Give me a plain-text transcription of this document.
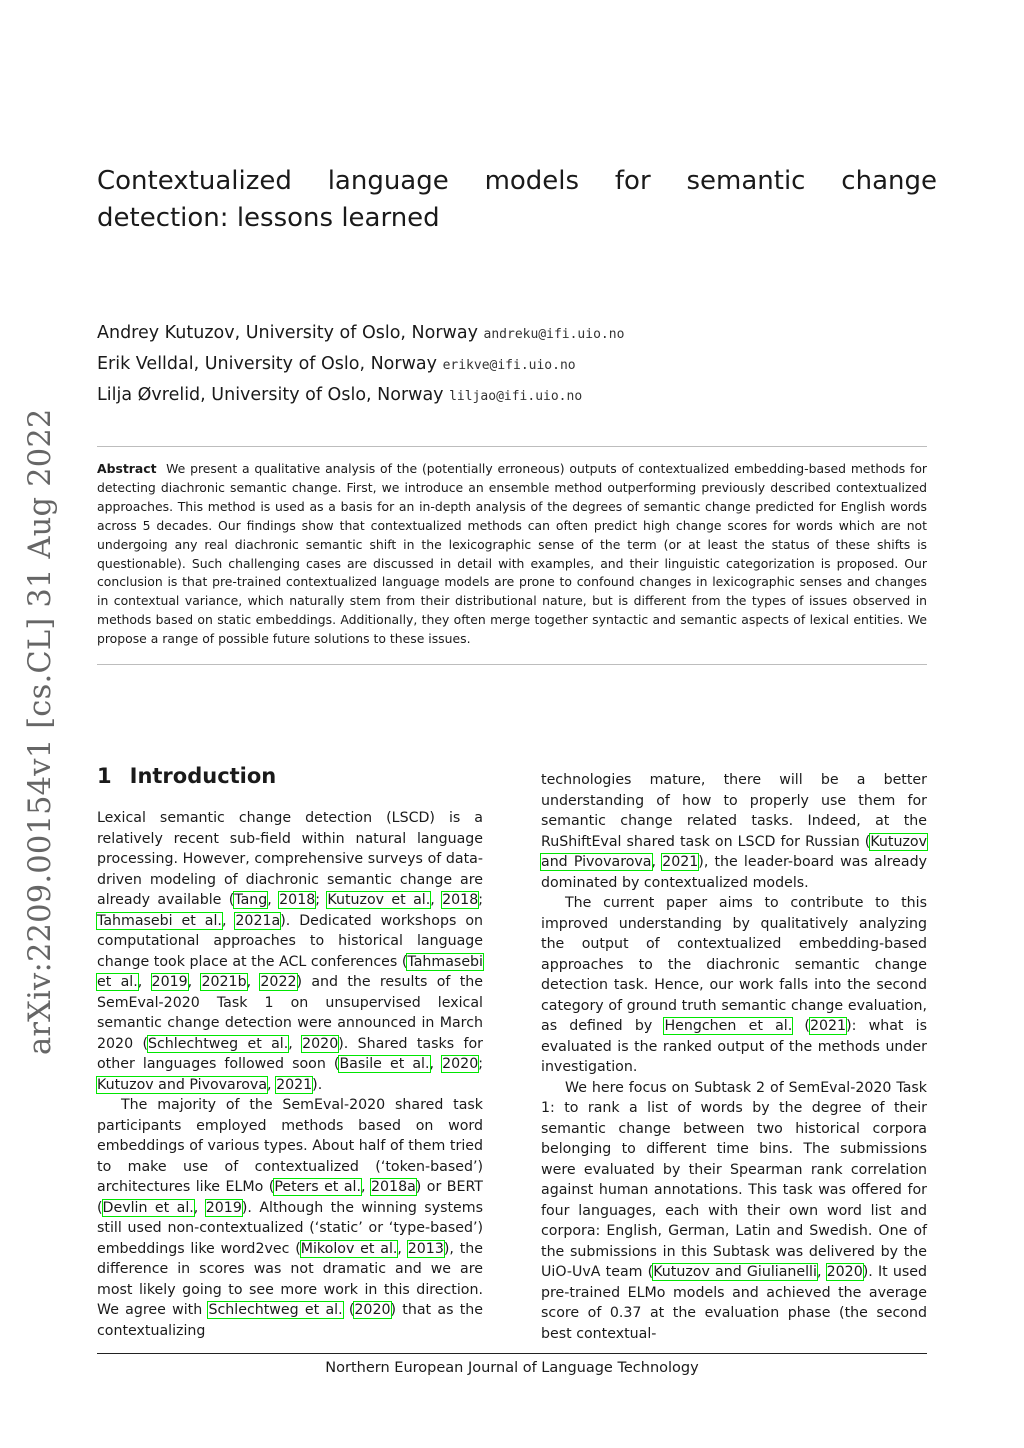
arXiv:2209.00154v1 [cs.CL] 31 Aug 2022
Contextualized language models for semantic change detection: lessons learned
Andrey Kutuzov, University of Oslo, Norway andreku@ifi.uio.no
Erik Velldal, University of Oslo, Norway erikve@ifi.uio.no
Lilja Øvrelid, University of Oslo, Norway liljao@ifi.uio.no

Abstract We present a qualitative analysis of the (potentially erroneous) outputs of contextualized embedding-based methods for detecting diachronic semantic change. First, we introduce an ensemble method outperforming previously described contextualized approaches. This method is used as a basis for an in-depth analysis of the degrees of semantic change predicted for English words across 5 decades. Our findings show that contextualized methods can often predict high change scores for words which are not undergoing any real diachronic semantic shift in the lexicographic sense of the term (or at least the status of these shifts is questionable). Such challenging cases are discussed in detail with examples, and their linguistic categorization is proposed. Our conclusion is that pre-trained contextualized language models are prone to confound changes in lexicographic senses and changes in contextual variance, which naturally stem from their distributional nature, but is different from the types of issues observed in methods based on static embeddings. Additionally, they often merge together syntactic and semantic aspects of lexical entities. We propose a range of possible future solutions to these issues.

1 Introduction

Lexical semantic change detection (LSCD) is a relatively recent sub-field within natural language processing. However, comprehensive surveys of data-driven modeling of diachronic semantic change are already available (Tang, 2018; Kutuzov et al., 2018; Tahmasebi et al., 2021a). Dedicated workshops on computational approaches to historical language change took place at the ACL conferences (Tahmasebi et al., 2019, 2021b, 2022) and the results of the SemEval-2020 Task 1 on unsupervised lexical semantic change detection were announced in March 2020 (Schlechtweg et al., 2020). Shared tasks for other languages followed soon (Basile et al., 2020; Kutuzov and Pivovarova, 2021).

The majority of the SemEval-2020 shared task participants employed methods based on word embeddings of various types. About half of them tried to make use of contextualized (‘token-based’) architectures like ELMo (Peters et al., 2018a) or BERT (Devlin et al., 2019). Although the winning systems still used non-contextualized (‘static’ or ‘type-based’) embeddings like word2vec (Mikolov et al., 2013), the difference in scores was not dramatic and we are most likely going to see more work in this direction. We agree with Schlechtweg et al. (2020) that as the contextualizing

technologies mature, there will be a better understanding of how to properly use them for semantic change related tasks. Indeed, at the RuShiftEval shared task on LSCD for Russian (Kutuzov and Pivovarova, 2021), the leader-board was already dominated by contextualized models.

The current paper aims to contribute to this improved understanding by qualitatively analyzing the output of contextualized embedding-based approaches to the diachronic semantic change detection task. Hence, our work falls into the second category of ground truth semantic change evaluation, as defined by Hengchen et al. (2021): what is evaluated is the ranked output of the methods under investigation.

We here focus on Subtask 2 of SemEval-2020 Task 1: to rank a list of words by the degree of their semantic change between two historical corpora belonging to different time bins. The submissions were evaluated by their Spearman rank correlation against human annotations. This task was offered for four languages, each with their own word list and corpora: English, German, Latin and Swedish. One of the submissions in this Subtask was delivered by the UiO-UvA team (Kutuzov and Giulianelli, 2020). It used pre-trained ELMo models and achieved the average score of 0.37 at the evaluation phase (the second best contextual-

Northern European Journal of Language Technology
